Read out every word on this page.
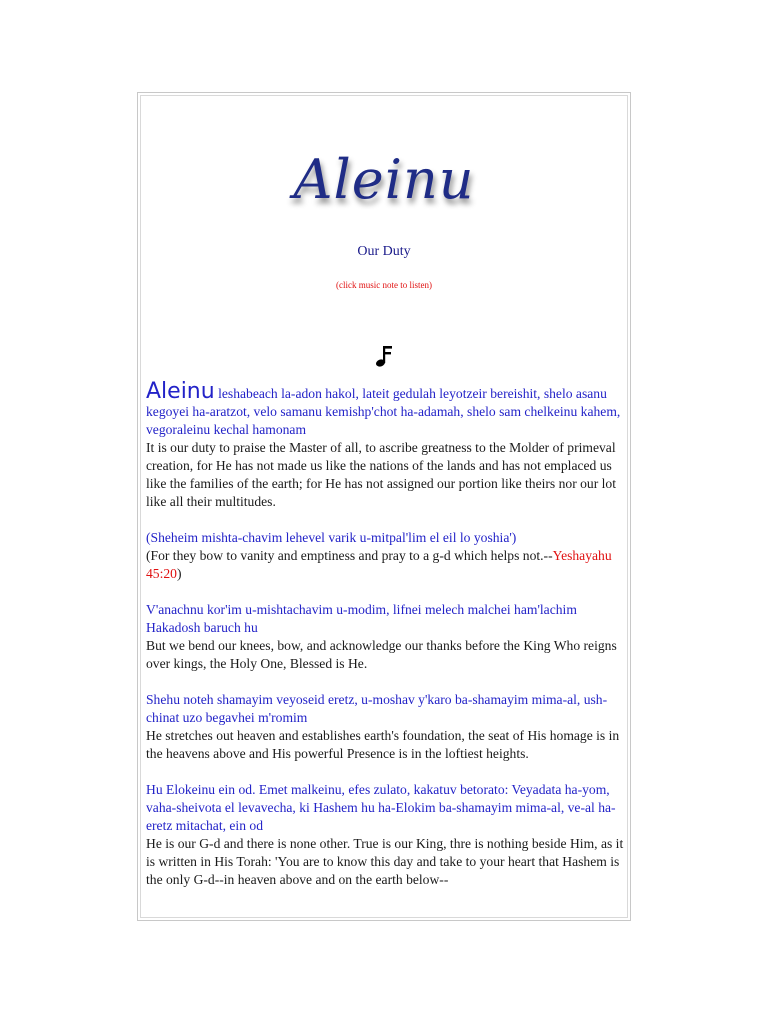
Aleinu
Our Duty
(click music note to listen)
Aleinu leshabeach la-adon hakol, lateit gedulah leyotzeir bereishit, shelo asanu kegoyei ha-aratzot, velo samanu kemishp'chot ha-adamah, shelo sam chelkeinu kahem, vegoraleinu kechal hamonam
It is our duty to praise the Master of all, to ascribe greatness to the Molder of primeval creation, for He has not made us like the nations of the lands and has not emplaced us like the families of the earth; for He has not assigned our portion like theirs nor our lot like all their multitudes.
(Sheheim mishta-chavim lehevel varik u-mitpal'lim el eil lo yoshia')
(For they bow to vanity and emptiness and pray to a g-d which helps not.--Yeshayahu 45:20)
V'anachnu kor'im u-mishtachavim u-modim, lifnei melech malchei ham'lachim Hakadosh baruch hu
But we bend our knees, bow, and acknowledge our thanks before the King Who reigns over kings, the Holy One, Blessed is He.
Shehu noteh shamayim veyoseid eretz, u-moshav y'karo ba-shamayim mima-al, ush-chinat uzo begavhei m'romim
He stretches out heaven and establishes earth's foundation, the seat of His homage is in the heavens above and His powerful Presence is in the loftiest heights.
Hu Elokeinu ein od. Emet malkeinu, efes zulato, kakatuv betorato: Veyadata ha-yom, vaha-sheivota el levavecha, ki Hashem hu ha-Elokim ba-shamayim mima-al, ve-al ha-eretz mitachat, ein od
He is our G-d and there is none other. True is our King, thre is nothing beside Him, as it is written in His Torah: 'You are to know this day and take to your heart that Hashem is the only G-d--in heaven above and on the earth below--
